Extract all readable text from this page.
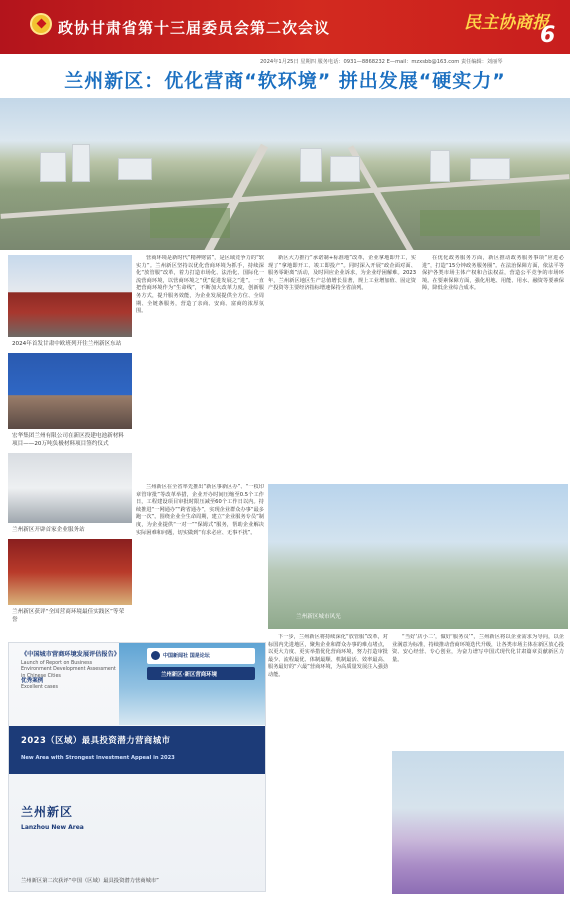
政协甘肃省第十三届委员会第二次会议	民主协商报
6
2024年1月25日 星期四 服务电话：0931—8868232 E—mail：mzxsbb@163.com 责任编辑：刘丽琴
兰州新区：优化营商“软环境” 拼出发展“硬实力”
2024年首发甘肃中欧班列开往兰州新区东站
宏华集团兰州有限公司在新区投建电池新材料项目——20万吨负极材料项目签约仪式
兰州新区开辟首家企业服务站
兰州新区获评“全国营商环境最佳实践区”等荣誉
营商环境是新时代“精神财富”，是区域竞争力的“软实力”。兰州新区坚持以优化营商环境为抓手，持续深化“放管服”改革，着力打造市场化、法治化、国际化一流营商环境，以营商环境之“优”促进发展之“进”。一直把营商环境作为“生命线”，不断加大改革力度，创新服务方式，提升服务效能，为企业发展提供全方位、全周期、全链条服务，营造了亲商、安商、富商的浓厚氛围。
兰州新区在全省率先推出“新区事新区办”、“一枚印章管审批”等改革举措，企业开办时间压缩至0.5个工作日，工程建设项目审批时限压减至60个工作日以内。持续推进“一网通办”“跨省通办”，实现企业群众办事“最多跑一次”。围绕企业全生命周期，建立“企业服务专员”制度，为企业提供“一对一”“保姆式”服务，帮助企业解决实际困难和问题，切实做到“有求必应、无事不扰”。
新区大力推行“承诺制+标准地”改革，企业拿地即开工，实现了“拿地即开工、竣工即投产”。同时深入开展“政企面对面、服务零距离”活动，及时回应企业诉求，为企业纾困解难。2023年，兰州新区地区生产总值增长显著，规上工业增加值、固定资产投资等主要经济指标增速保持全省前列。
在优化政务服务方面，新区推动政务服务事项“应进必进”，打造“15分钟政务服务圈”。在法治保障方面，依法平等保护各类市场主体产权和合法权益，营造公平竞争的市场环境。在要素保障方面，强化用地、用能、用水、融资等要素保障，降低企业综合成本。
下一步，兰州新区将持续深化“放管服”改革，对标国内先进地区，聚焦企业和群众办事的难点堵点，以更大力度、更实举措优化营商环境，努力打造审批最少、流程最优、体制最顺、机制最活、效率最高、服务最好的“六最”营商环境，为高质量发展注入强劲动能。
“当好‘店小二’，做好‘服务员’”，兰州新区将以企业需求为导向，以企业满意为标准，持续推动营商环境迭代升级，让各类市场主体在新区放心投资、安心经营、专心创业，为奋力谱写中国式现代化甘肃篇章贡献新区力量。
兰州新区城市风光
中国新闻社 国是论坛
兰州新区·新区营商环境
《中国城市营商环境发展评估报告》
Launch of Report on Business Environment Development Assessment in Chinese Cities
优秀案例
Excellent cases
2023（区域）最具投资潜力营商城市
New Area with Strongest Investment Appeal in 2023
兰州新区
Lanzhou New Area
兰州新区第二次获评“中国（区域）最具投资潜力营商城市”
